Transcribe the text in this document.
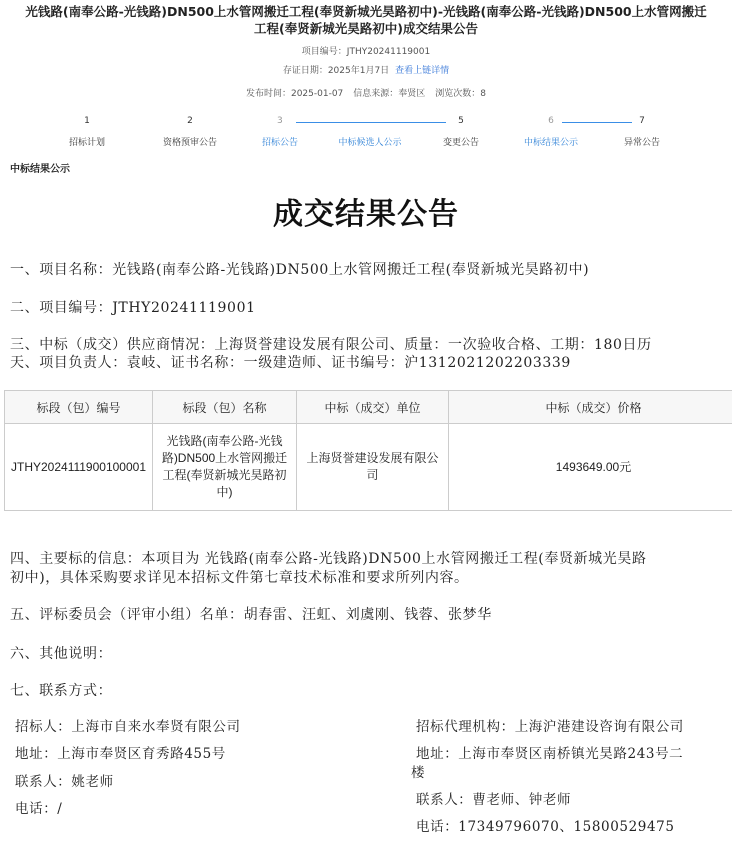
光钱路(南奉公路-光钱路)DN500上水管网搬迁工程(奉贤新城光昊路初中)-光钱路(南奉公路-光钱路)DN500上水管网搬迁工程(奉贤新城光昊路初中)成交结果公告
项目编号：JTHY20241119001
存证日期：2025年1月7日 查看上链详情
发布时间：2025-01-07 信息来源：奉贤区 浏览次数：8
1
招标计划
2
资格预审公告
3
招标公告	中标候选人公示
5
变更公告
6
中标结果公示
7
异常公告
中标结果公示
成交结果公告
一、项目名称：光钱路(南奉公路-光钱路)DN500上水管网搬迁工程(奉贤新城光昊路初中)
二、项目编号：JTHY20241119001
三、中标（成交）供应商情况：上海贤誉建设发展有限公司、质量：一次验收合格、工期：180日历
天、项目负责人：袁岐、证书名称：一级建造师、证书编号：沪1312021202203339
标段（包）编号	标段（包）名称	中标（成交）单位	中标（成交）价格
JTHY2024111900100001	光钱路(南奉公路-光钱路)DN500上水管网搬迁工程(奉贤新城光昊路初中)	上海贤誉建设发展有限公司	1493649.00元
四、主要标的信息：本项目为 光钱路(南奉公路-光钱路)DN500上水管网搬迁工程(奉贤新城光昊路
初中)，具体采购要求详见本招标文件第七章技术标准和要求所列内容。
五、评标委员会（评审小组）名单：胡春雷、汪虹、刘虞刚、钱蓉、张梦华
六、其他说明：
七、联系方式：
招标人：上海市自来水奉贤有限公司
地址：上海市奉贤区育秀路455号
联系人：姚老师
电话：/
招标代理机构：上海沪港建设咨询有限公司
地址：上海市奉贤区南桥镇光昊路243号二
楼
联系人：曹老师、钟老师
电话：17349796070、15800529475
